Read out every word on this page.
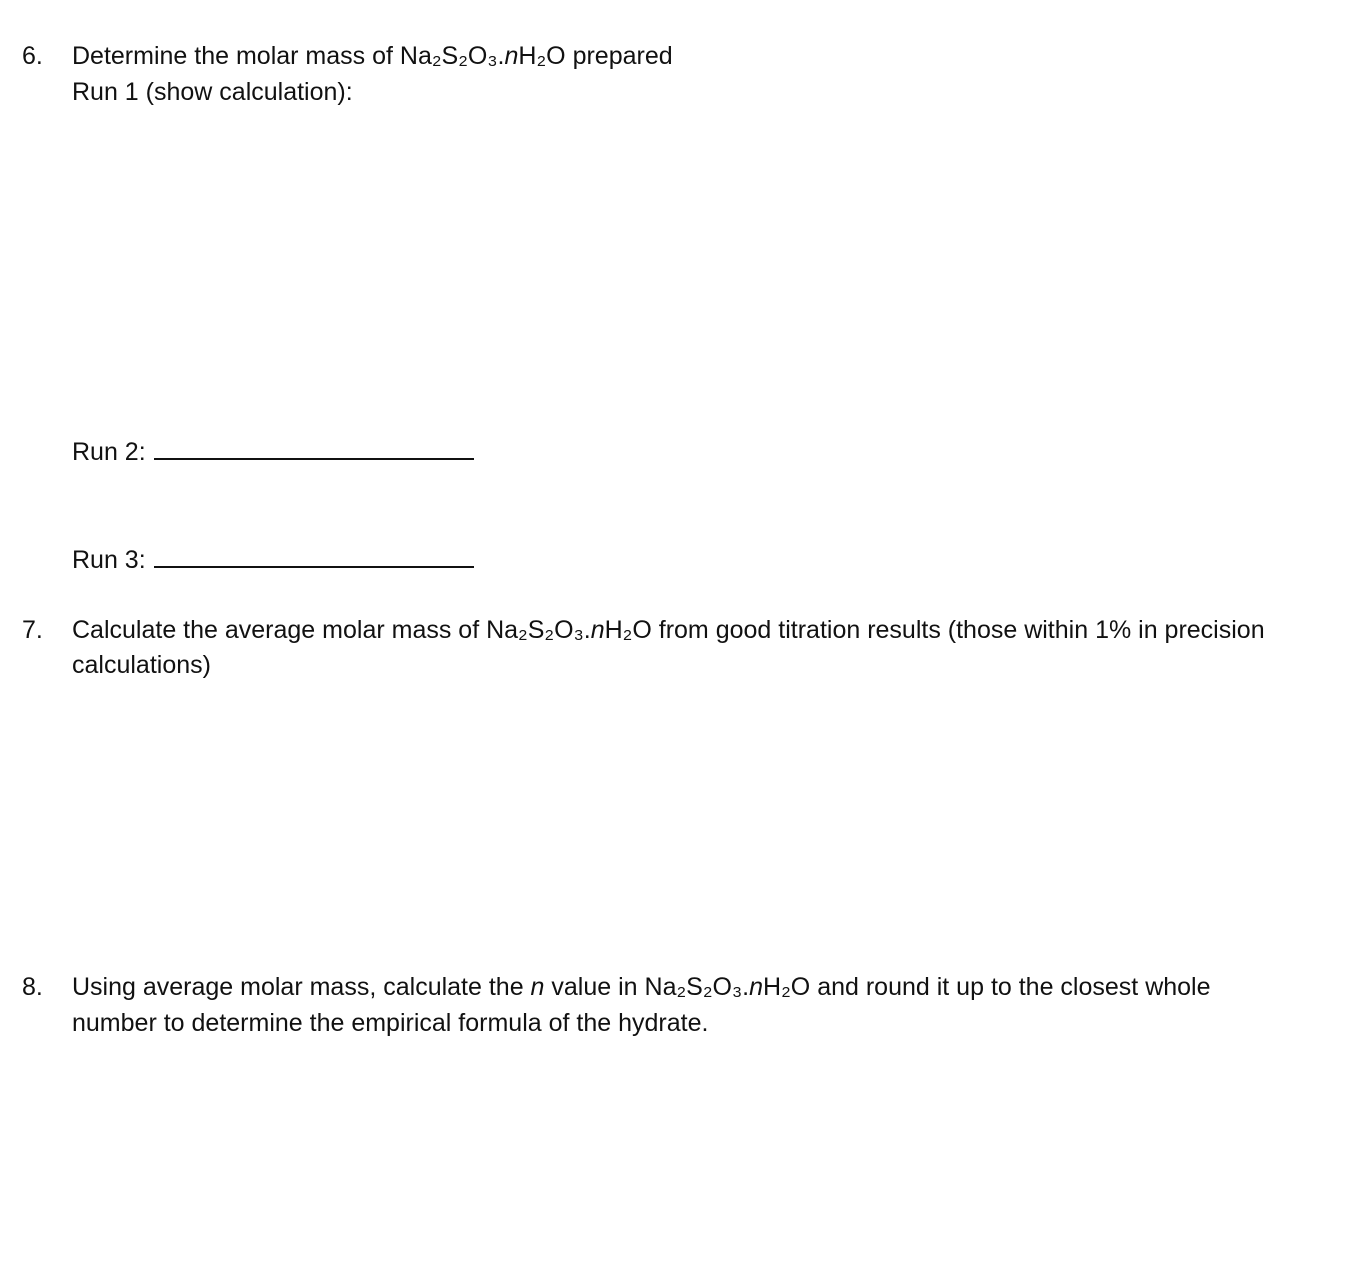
6. Determine the molar mass of Na₂S₂O₃.nH₂O prepared
Run 1 (show calculation):
Run 2:
Run 3:
7. Calculate the average molar mass of Na₂S₂O₃.nH₂O from good titration results (those within 1% in precision
calculations)
8. Using average molar mass, calculate the n value in Na₂S₂O₃.nH₂O and round it up to the closest whole
number to determine the empirical formula of the hydrate.
